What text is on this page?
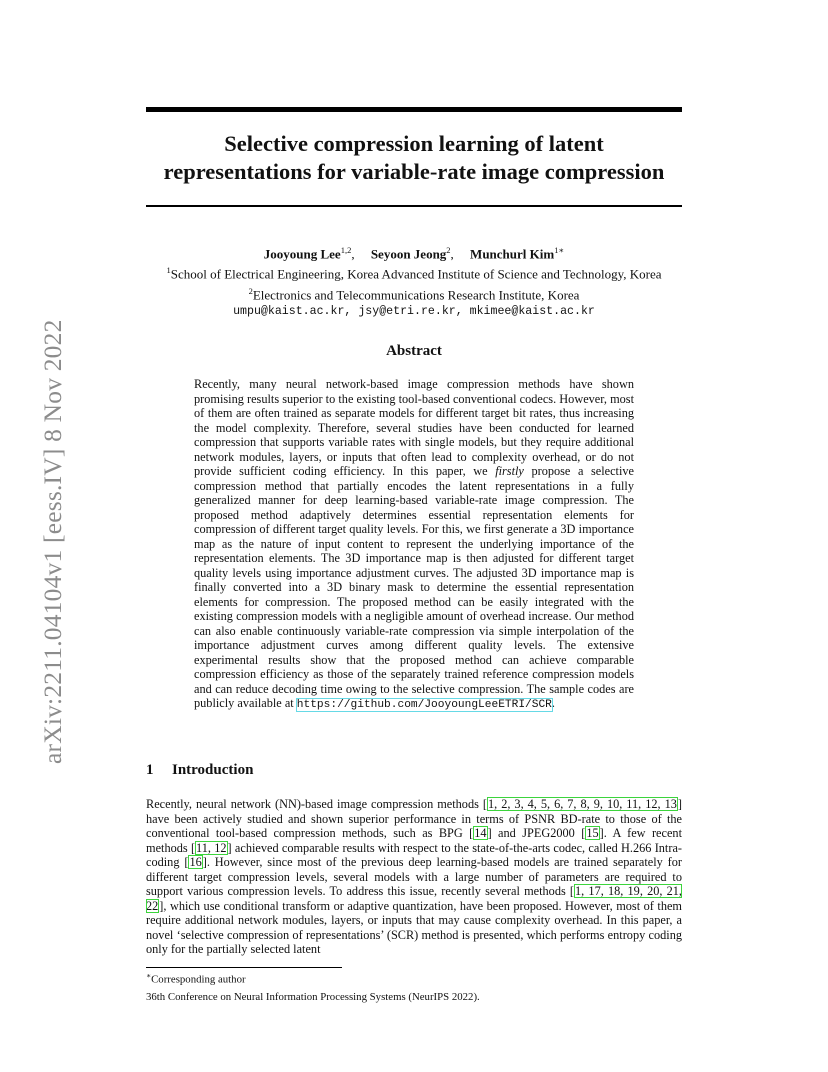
arXiv:2211.04104v1 [eess.IV] 8 Nov 2022
Selective compression learning of latent
representations for variable-rate image compression
Jooyoung Lee$^{1,2}$,     Seyoon Jeong$^2$,     Munchurl Kim$^{1∗}$
$^1$School of Electrical Engineering, Korea Advanced Institute of Science and Technology, Korea
$^2$Electronics and Telecommunications Research Institute, Korea
umpu@kaist.ac.kr, jsy@etri.re.kr, mkimee@kaist.ac.kr
Abstract

Recently, many neural network-based image compression methods have shown promising results superior to the existing tool-based conventional codecs. However, most of them are often trained as separate models for different target bit rates, thus increasing the model complexity. Therefore, several studies have been conducted for learned compression that supports variable rates with single models, but they require additional network modules, layers, or inputs that often lead to complexity overhead, or do not provide sufficient coding efficiency. In this paper, we firstly propose a selective compression method that partially encodes the latent representations in a fully generalized manner for deep learning-based variable-rate image compression. The proposed method adaptively determines essential representation elements for compression of different target quality levels. For this, we first generate a 3D importance map as the nature of input content to represent the underlying importance of the representation elements. The 3D importance map is then adjusted for different target quality levels using importance adjustment curves. The adjusted 3D importance map is finally converted into a 3D binary mask to determine the essential representation elements for compression. The proposed method can be easily integrated with the existing compression models with a negligible amount of overhead increase. Our method can also enable continuously variable-rate compression via simple interpolation of the importance adjustment curves among different quality levels. The extensive experimental results show that the proposed method can achieve comparable compression efficiency as those of the separately trained reference compression models and can reduce decoding time owing to the selective compression. The sample codes are publicly available at https://github.com/JooyoungLeeETRI/SCR.

1 Introduction

Recently, neural network (NN)-based image compression methods [1, 2, 3, 4, 5, 6, 7, 8, 9, 10, 11, 12, 13] have been actively studied and shown superior performance in terms of PSNR BD-rate to those of the conventional tool-based compression methods, such as BPG [14] and JPEG2000 [15]. A few recent methods [11, 12] achieved comparable results with respect to the state-of-the-arts codec, called H.266 Intra-coding [16]. However, since most of the previous deep learning-based models are trained separately for different target compression levels, several models with a large number of parameters are required to support various compression levels. To address this issue, recently several methods [1, 17, 18, 19, 20, 21, 22], which use conditional transform or adaptive quantization, have been proposed. However, most of them require additional network modules, layers, or inputs that may cause complexity overhead. In this paper, a novel ‘selective compression of representations’ (SCR) method is presented, which performs entropy coding only for the partially selected latent

∗Corresponding author
36th Conference on Neural Information Processing Systems (NeurIPS 2022).
